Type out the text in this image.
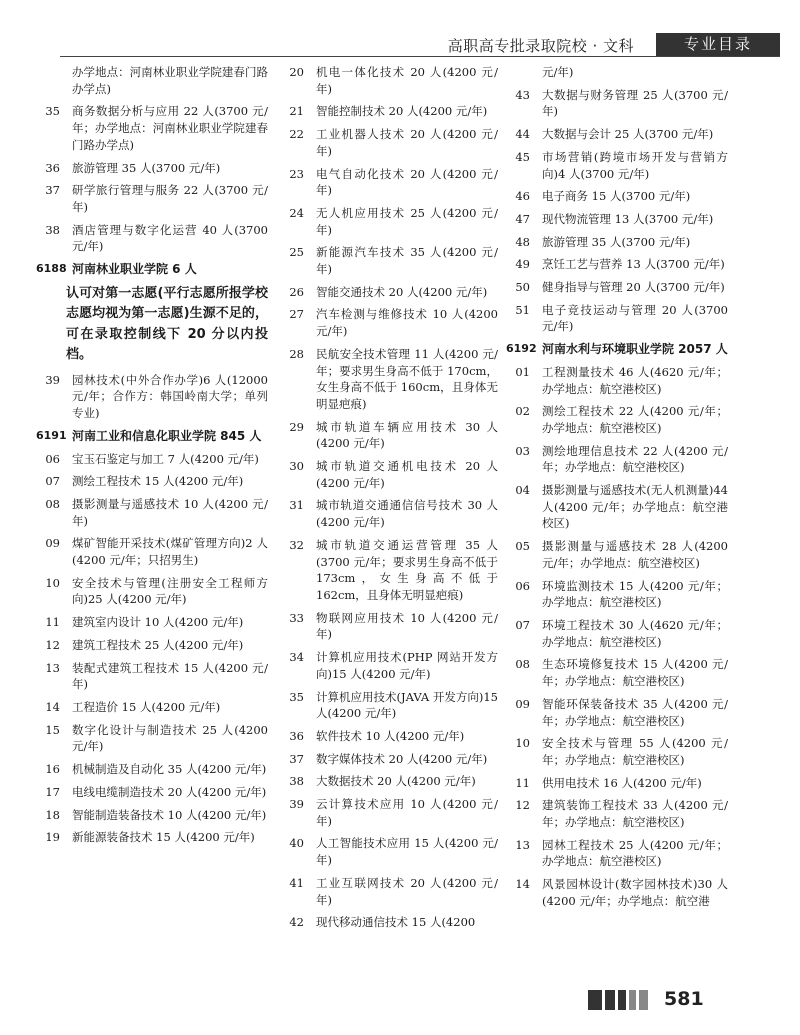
高职高专批录取院校 · 文科	专业目录
办学地点：河南林业职业学院建春门路办学点)
35	商务数据分析与应用 22 人(3700 元/年；办学地点：河南林业职业学院建春门路办学点)
36	旅游管理 35 人(3700 元/年)
37	研学旅行管理与服务 22 人(3700 元/年)
38	酒店管理与数字化运营 40 人(3700 元/年)
6188 河南林业职业学院 6 人
认可对第一志愿(平行志愿所报学校志愿均视为第一志愿)生源不足的，可在录取控制线下 20 分以内投档。
39	园林技术(中外合作办学)6 人(12000 元/年；合作方：韩国岭南大学；单列专业)
6191 河南工业和信息化职业学院 845 人
06	宝玉石鉴定与加工 7 人(4200 元/年)
07	测绘工程技术 15 人(4200 元/年)
08	摄影测量与遥感技术 10 人(4200 元/年)
09	煤矿智能开采技术(煤矿管理方向)2 人(4200 元/年；只招男生)
10	安全技术与管理(注册安全工程师方向)25 人(4200 元/年)
11	建筑室内设计 10 人(4200 元/年)
12	建筑工程技术 25 人(4200 元/年)
13	装配式建筑工程技术 15 人(4200 元/年)
14	工程造价 15 人(4200 元/年)
15	数字化设计与制造技术 25 人(4200 元/年)
16	机械制造及自动化 35 人(4200 元/年)
17	电线电缆制造技术 20 人(4200 元/年)
18	智能制造装备技术 10 人(4200 元/年)
19	新能源装备技术 15 人(4200 元/年)
20	机电一体化技术 20 人(4200 元/年)
21	智能控制技术 20 人(4200 元/年)
22	工业机器人技术 20 人(4200 元/年)
23	电气自动化技术 20 人(4200 元/年)
24	无人机应用技术 25 人(4200 元/年)
25	新能源汽车技术 35 人(4200 元/年)
26	智能交通技术 20 人(4200 元/年)
27	汽车检测与维修技术 10 人(4200 元/年)
28	民航安全技术管理 11 人(4200 元/年；要求男生身高不低于 170cm，女生身高不低于 160cm，且身体无明显疤痕)
29	城市轨道车辆应用技术 30 人(4200 元/年)
30	城市轨道交通机电技术 20 人(4200 元/年)
31	城市轨道交通通信信号技术 30 人(4200 元/年)
32	城市轨道交通运营管理 35 人(3700 元/年；要求男生身高不低于 173cm，女生身高不低于 162cm，且身体无明显疤痕)
33	物联网应用技术 10 人(4200 元/年)
34	计算机应用技术(PHP 网站开发方向)15 人(4200 元/年)
35	计算机应用技术(JAVA 开发方向)15 人(4200 元/年)
36	软件技术 10 人(4200 元/年)
37	数字媒体技术 20 人(4200 元/年)
38	大数据技术 20 人(4200 元/年)
39	云计算技术应用 10 人(4200 元/年)
40	人工智能技术应用 15 人(4200 元/年)
41	工业互联网技术 20 人(4200 元/年)
42	现代移动通信技术 15 人(4200
元/年)
43	大数据与财务管理 25 人(3700 元/年)
44	大数据与会计 25 人(3700 元/年)
45	市场营销(跨境市场开发与营销方向)4 人(3700 元/年)
46	电子商务 15 人(3700 元/年)
47	现代物流管理 13 人(3700 元/年)
48	旅游管理 35 人(3700 元/年)
49	烹饪工艺与营养 13 人(3700 元/年)
50	健身指导与管理 20 人(3700 元/年)
51	电子竞技运动与管理 20 人(3700 元/年)
6192 河南水利与环境职业学院 2057 人
01	工程测量技术 46 人(4620 元/年；办学地点：航空港校区)
02	测绘工程技术 22 人(4200 元/年；办学地点：航空港校区)
03	测绘地理信息技术 22 人(4200 元/年；办学地点：航空港校区)
04	摄影测量与遥感技术(无人机测量)44 人(4200 元/年；办学地点：航空港校区)
05	摄影测量与遥感技术 28 人(4200 元/年；办学地点：航空港校区)
06	环境监测技术 15 人(4200 元/年；办学地点：航空港校区)
07	环境工程技术 30 人(4620 元/年；办学地点：航空港校区)
08	生态环境修复技术 15 人(4200 元/年；办学地点：航空港校区)
09	智能环保装备技术 35 人(4200 元/年；办学地点：航空港校区)
10	安全技术与管理 55 人(4200 元/年；办学地点：航空港校区)
11	供用电技术 16 人(4200 元/年)
12	建筑装饰工程技术 33 人(4200 元/年；办学地点：航空港校区)
13	园林工程技术 25 人(4200 元/年；办学地点：航空港校区)
14	风景园林设计(数字园林技术)30 人(4200 元/年；办学地点：航空港
581
